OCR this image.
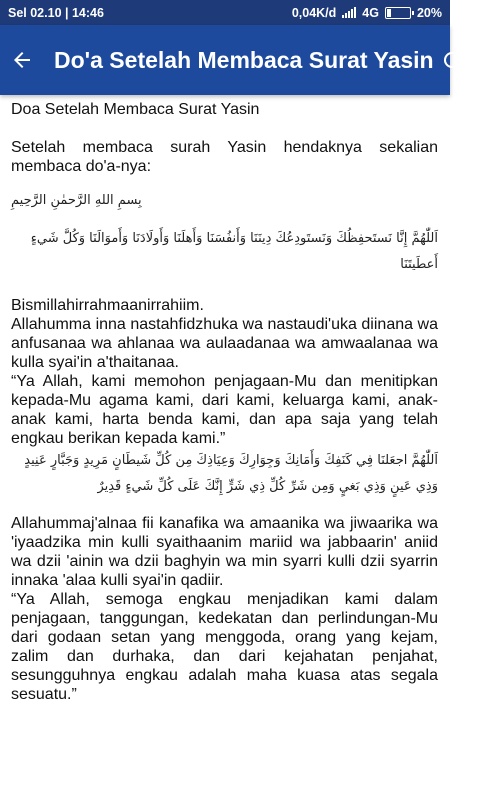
Sel 02.10 | 14:46	0,04K/d 4G	20%
Do'a Setelah Membaca Surat Yasin
Doa Setelah Membaca Surat Yasin
Setelah membaca surah Yasin hendaknya sekalian membaca do'a-nya:
بِسمِ اللهِ الرَّحمٰنِ الرَّحِيمِ
اَللّٰهُمَّ إِنَّا نَستَحفِظُكَ وَنَستَودِعُكَ دِينَنَا وَأَنفُسَنَا وَأَهلَنَا وَأَولَادَنَا وَأَموَالَنَا وَكُلَّ شَيءٍ أَعطَيتَنَا
Bismillahirrahmaanirrahiim.
Allahumma inna nastahfidzhuka wa nastaudi'uka diinana wa anfusanaa wa ahlanaa wa aulaadanaa wa amwaalanaa wa kulla syai'in a'thaitanaa.
“Ya Allah, kami memohon penjagaan-Mu dan menitipkan kepada-Mu agama kami, dari kami, keluarga kami, anak-anak kami, harta benda kami, dan apa saja yang telah engkau berikan kepada kami.”
اَللّٰهُمَّ اجعَلنَا فِي كَنَفِكَ وَأَمَانِكَ وَجِوَارِكَ وَعِيَاذِكَ مِن كُلِّ شَيطَانٍ مَرِيدٍ وَجَبَّارٍ عَنِيدٍ وَذِي عَينٍ وَذِي بَغيٍ وَمِن شَرِّ كُلِّ ذِي شَرٍّ إِنَّكَ عَلَى كُلِّ شَيءٍ قَدِيرٌ
Allahummaj'alnaa fii kanafika wa amaanika wa jiwaarika wa 'iyaadzika min kulli syaithaanim mariid wa jabbaarin' aniid wa dzii 'ainin wa dzii baghyin wa min syarri kulli dzii syarrin innaka 'alaa kulli syai'in qadiir.
“Ya Allah, semoga engkau menjadikan kami dalam penjagaan, tanggungan, kedekatan dan perlindungan-Mu dari godaan setan yang menggoda, orang yang kejam, zalim dan durhaka, dan dari kejahatan penjahat, sesungguhnya engkau adalah maha kuasa atas segala sesuatu.”
